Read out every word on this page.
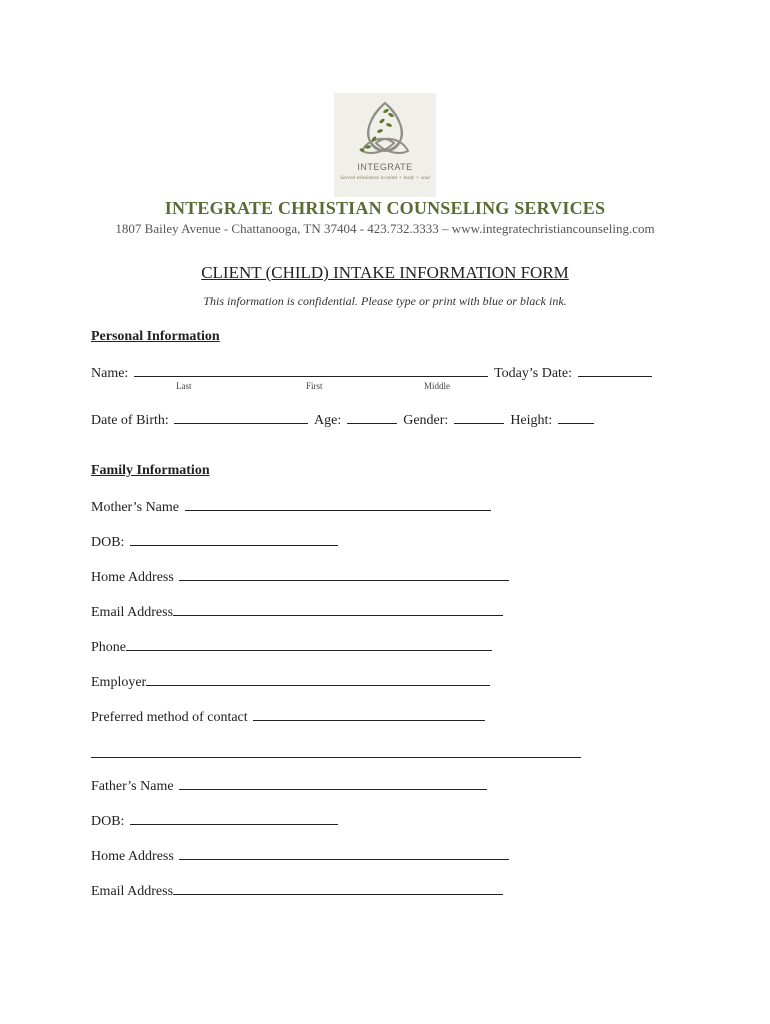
INTEGRATE
Sacred wholeness in mind + body + soul
INTEGRATE CHRISTIAN COUNSELING SERVICES
1807 Bailey Avenue - Chattanooga, TN 37404 - 423.732.3333 – www.integratechristiancounseling.com
CLIENT (CHILD) INTAKE INFORMATION FORM
This information is confidential. Please type or print with blue or black ink.
Personal Information
Name:	Today’s Date:
Last	First	Middle
Date of Birth:	Age:	Gender:	Height:
Family Information
Mother’s Name
DOB:
Home Address
Email Address
Phone
Employer
Preferred method of contact
Father’s Name
DOB:
Home Address
Email Address
